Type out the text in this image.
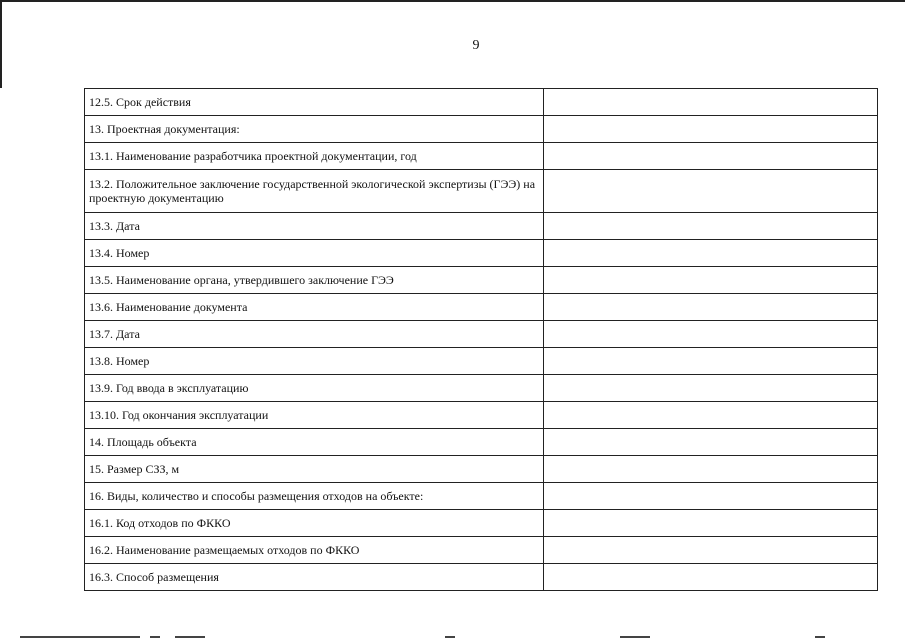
9
12.5. Срок действия	
13. Проектная документация:	
13.1. Наименование разработчика проектной документации, год	
13.2. Положительное заключение государственной экологической экспертизы (ГЭЭ) на проектную документацию	
13.3. Дата	
13.4. Номер	
13.5. Наименование органа, утвердившего заключение ГЭЭ	
13.6. Наименование документа	
13.7. Дата	
13.8. Номер	
13.9. Год ввода в эксплуатацию	
13.10. Год окончания эксплуатации	
14. Площадь объекта	
15. Размер СЗЗ, м	
16. Виды, количество и способы размещения отходов на объекте:	
16.1. Код отходов по ФККО	
16.2. Наименование размещаемых отходов по ФККО	
16.3. Способ размещения	
